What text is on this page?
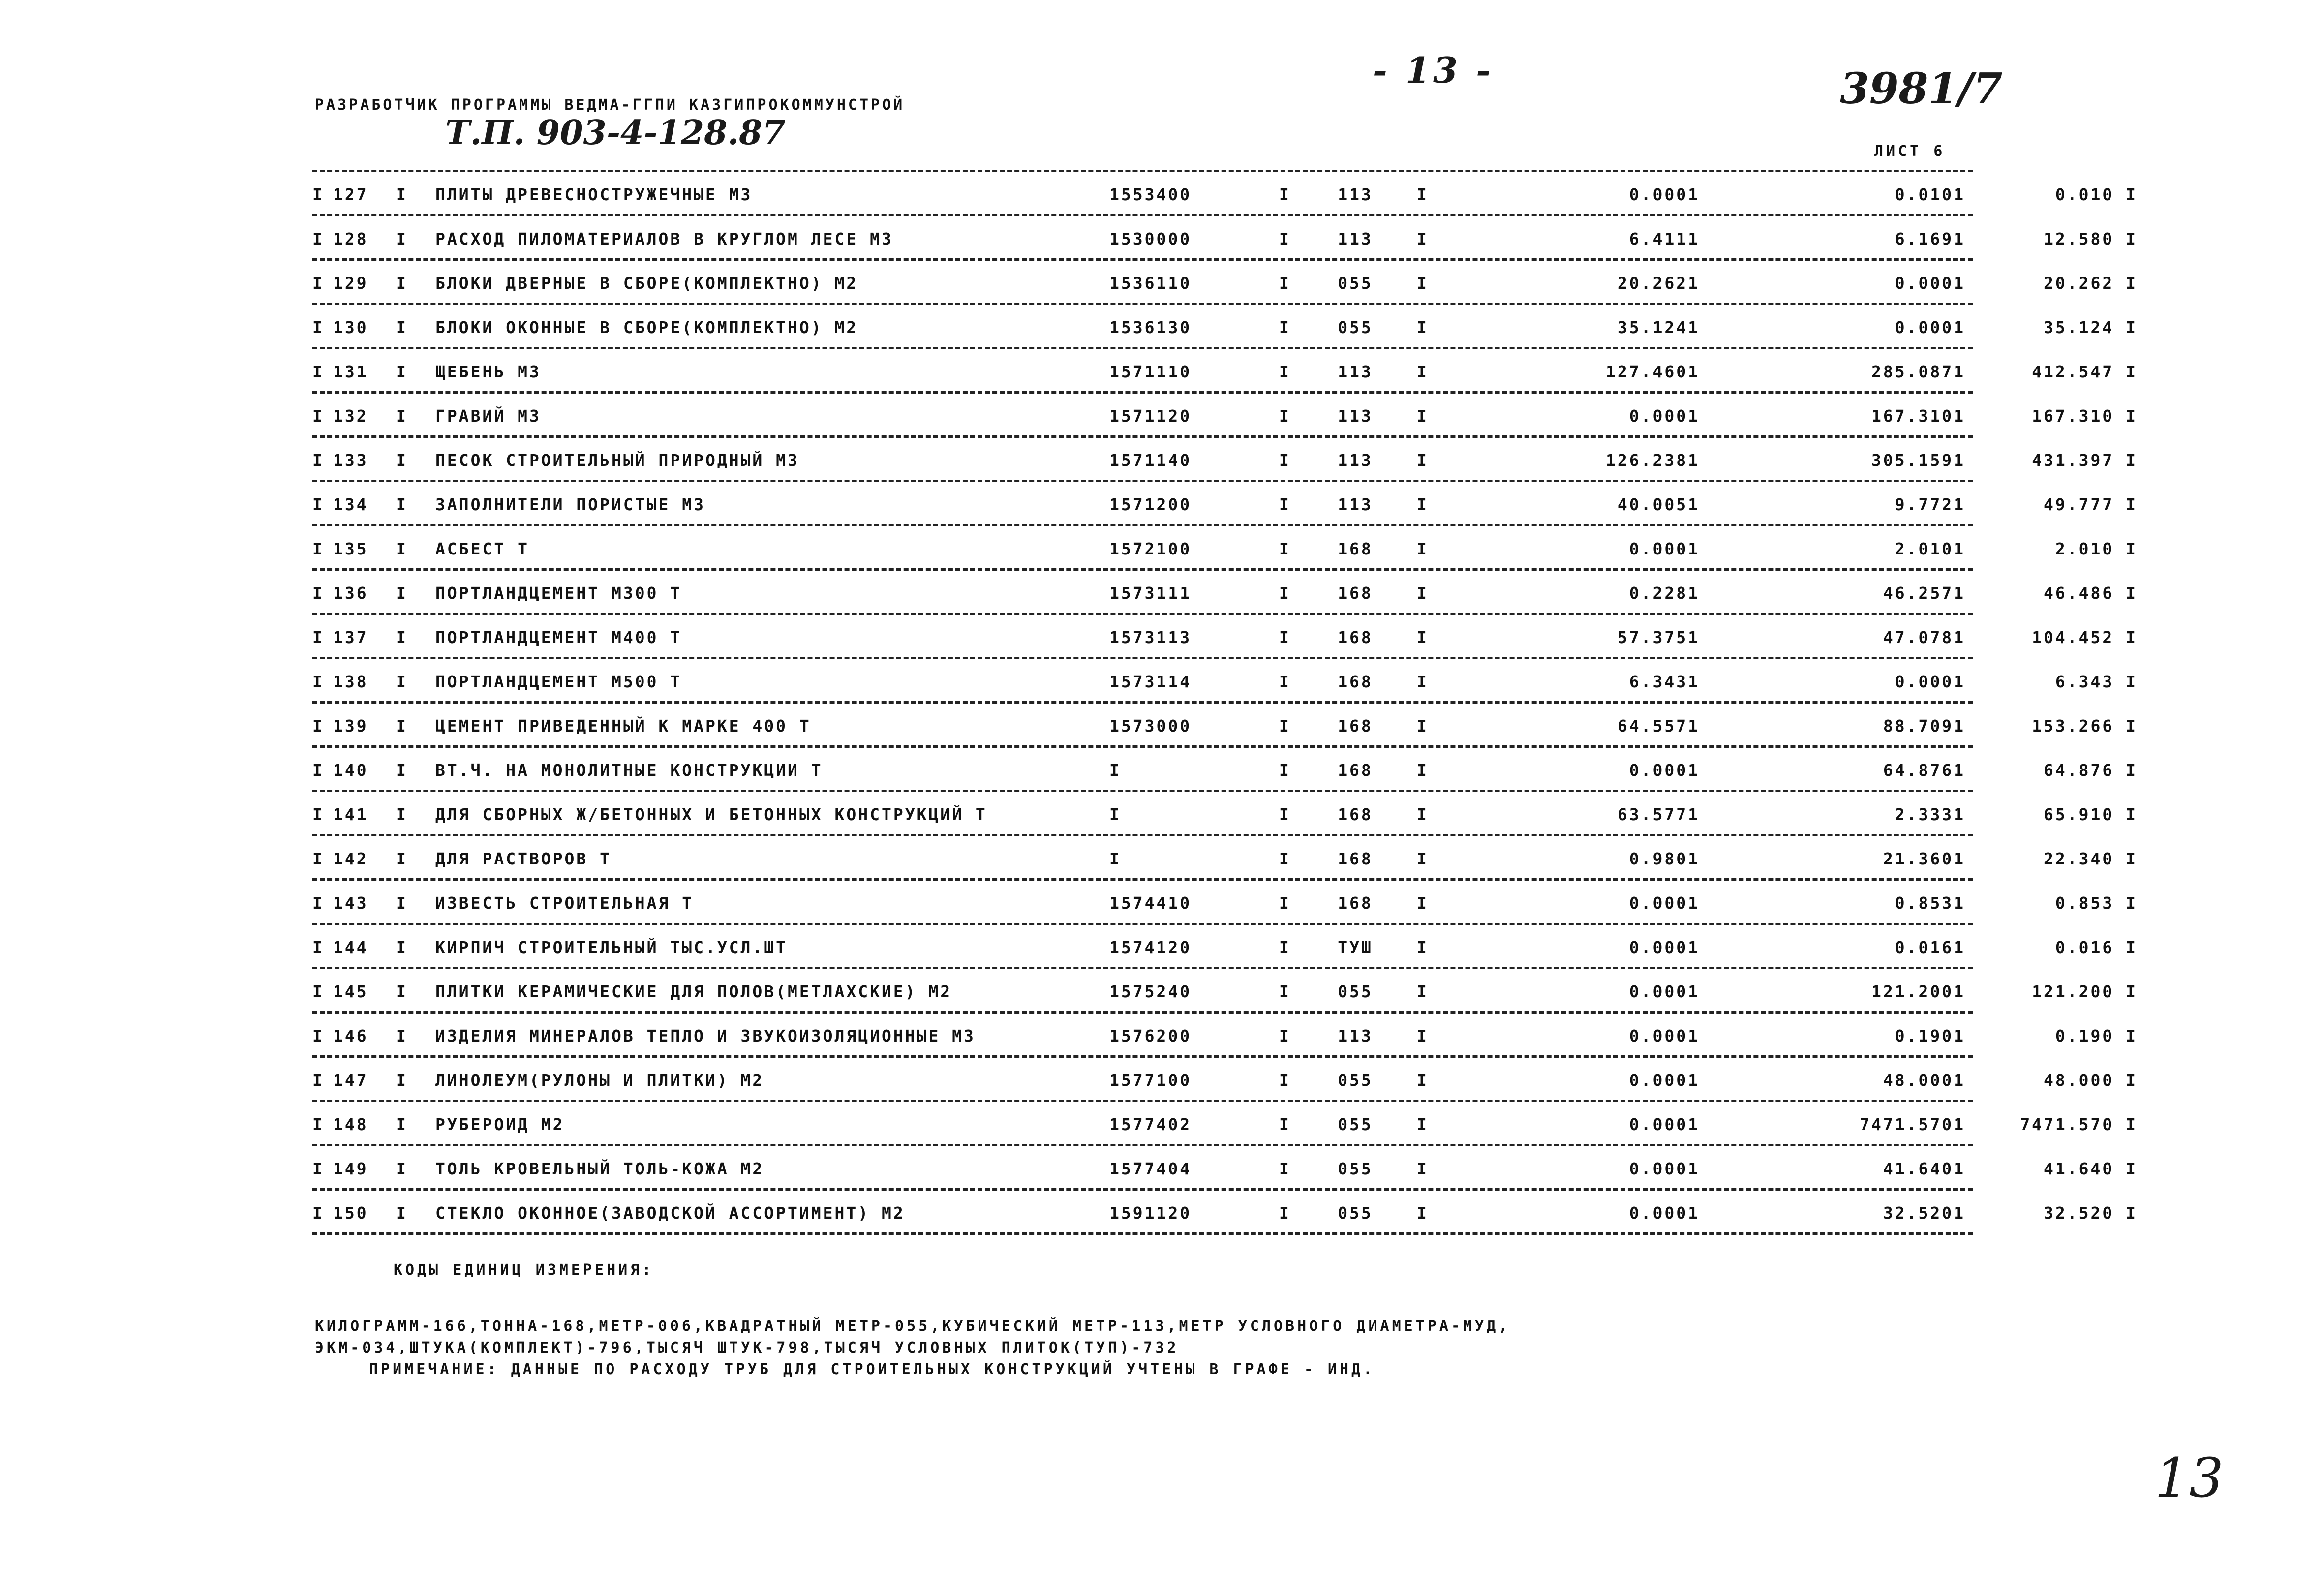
- 13 -	3981/7
РАЗРАБОТЧИК ПРОГРАММЫ ВЕДМА-ГГПИ КАЗГИПРОКОММУНСТРОЙ
Т.П. 903-4-128.87	ЛИСТ 6
I 127 I ПЛИТЫ ДРЕВЕСНОСТРУЖЕЧНЫЕ М3	1553400	I	113	I	0.0001	0.0101	0.010 I
I 128 I РАСХОД ПИЛОМАТЕРИАЛОВ В КРУГЛОМ ЛЕСЕ М3	1530000	I	113	I	6.4111	6.1691	12.580 I
I 129 I БЛОКИ ДВЕРНЫЕ В СБОРЕ(КОМПЛЕКТНО) М2	1536110	I	055	I	20.2621	0.0001	20.262 I
I 130 I БЛОКИ ОКОННЫЕ В СБОРЕ(КОМПЛЕКТНО) М2	1536130	I	055	I	35.1241	0.0001	35.124 I
I 131 I ЩЕБЕНЬ М3	1571110	I	113	I	127.4601	285.0871	412.547 I
I 132 I ГРАВИЙ М3	1571120	I	113	I	0.0001	167.3101	167.310 I
I 133 I ПЕСОК СТРОИТЕЛЬНЫЙ ПРИРОДНЫЙ М3	1571140	I	113	I	126.2381	305.1591	431.397 I
I 134 I ЗАПОЛНИТЕЛИ ПОРИСТЫЕ М3	1571200	I	113	I	40.0051	9.7721	49.777 I
I 135 I АСБЕСТ Т	1572100	I	168	I	0.0001	2.0101	2.010 I
I 136 I ПОРТЛАНДЦЕМЕНТ М300 Т	1573111	I	168	I	0.2281	46.2571	46.486 I
I 137 I ПОРТЛАНДЦЕМЕНТ М400 Т	1573113	I	168	I	57.3751	47.0781	104.452 I
I 138 I ПОРТЛАНДЦЕМЕНТ М500 Т	1573114	I	168	I	6.3431	0.0001	6.343 I
I 139 I ЦЕМЕНТ ПРИВЕДЕННЫЙ К МАРКЕ 400 Т	1573000	I	168	I	64.5571	88.7091	153.266 I
I 140 I ВТ.Ч. НА МОНОЛИТНЫЕ КОНСТРУКЦИИ Т	I	I	168	I	0.0001	64.8761	64.876 I
I 141 I ДЛЯ СБОРНЫХ Ж/БЕТОННЫХ И БЕТОННЫХ КОНСТРУКЦИЙ Т	I	I	168	I	63.5771	2.3331	65.910 I
I 142 I ДЛЯ РАСТВОРОВ Т	I	I	168	I	0.9801	21.3601	22.340 I
I 143 I ИЗВЕСТЬ СТРОИТЕЛЬНАЯ Т	1574410	I	168	I	0.0001	0.8531	0.853 I
I 144 I КИРПИЧ СТРОИТЕЛЬНЫЙ ТЫС.УСЛ.ШТ	1574120	I	ТУШ	I	0.0001	0.0161	0.016 I
I 145 I ПЛИТКИ КЕРАМИЧЕСКИЕ ДЛЯ ПОЛОВ(МЕТЛАХСКИЕ) М2	1575240	I	055	I	0.0001	121.2001	121.200 I
I 146 I ИЗДЕЛИЯ МИНЕРАЛОВ ТЕПЛО И ЗВУКОИЗОЛЯЦИОННЫЕ М3	1576200	I	113	I	0.0001	0.1901	0.190 I
I 147 I ЛИНОЛЕУМ(РУЛОНЫ И ПЛИТКИ) М2	1577100	I	055	I	0.0001	48.0001	48.000 I
I 148 I РУБЕРОИД М2	1577402	I	055	I	0.0001	7471.5701	7471.570 I
I 149 I ТОЛЬ КРОВЕЛЬНЫЙ ТОЛЬ-КОЖА М2	1577404	I	055	I	0.0001	41.6401	41.640 I
I 150 I СТЕКЛО ОКОННОЕ(ЗАВОДСКОЙ АССОРТИМЕНТ) М2	1591120	I	055	I	0.0001	32.5201	32.520 I
КОДЫ ЕДИНИЦ ИЗМЕРЕНИЯ:
КИЛОГРАММ-166,ТОННА-168,МЕТР-006,КВАДРАТНЫЙ МЕТР-055,КУБИЧЕСКИЙ МЕТР-113,МЕТР УСЛОВНОГО ДИАМЕТРА-МУД,
ЭКМ-034,ШТУКА(КОМПЛЕКТ)-796,ТЫСЯЧ ШТУК-798,ТЫСЯЧ УСЛОВНЫХ ПЛИТОК(ТУП)-732
ПРИМЕЧАНИЕ: ДАННЫЕ ПО РАСХОДУ ТРУБ ДЛЯ СТРОИТЕЛЬНЫХ КОНСТРУКЦИЙ УЧТЕНЫ В ГРАФЕ - ИНД.
13
